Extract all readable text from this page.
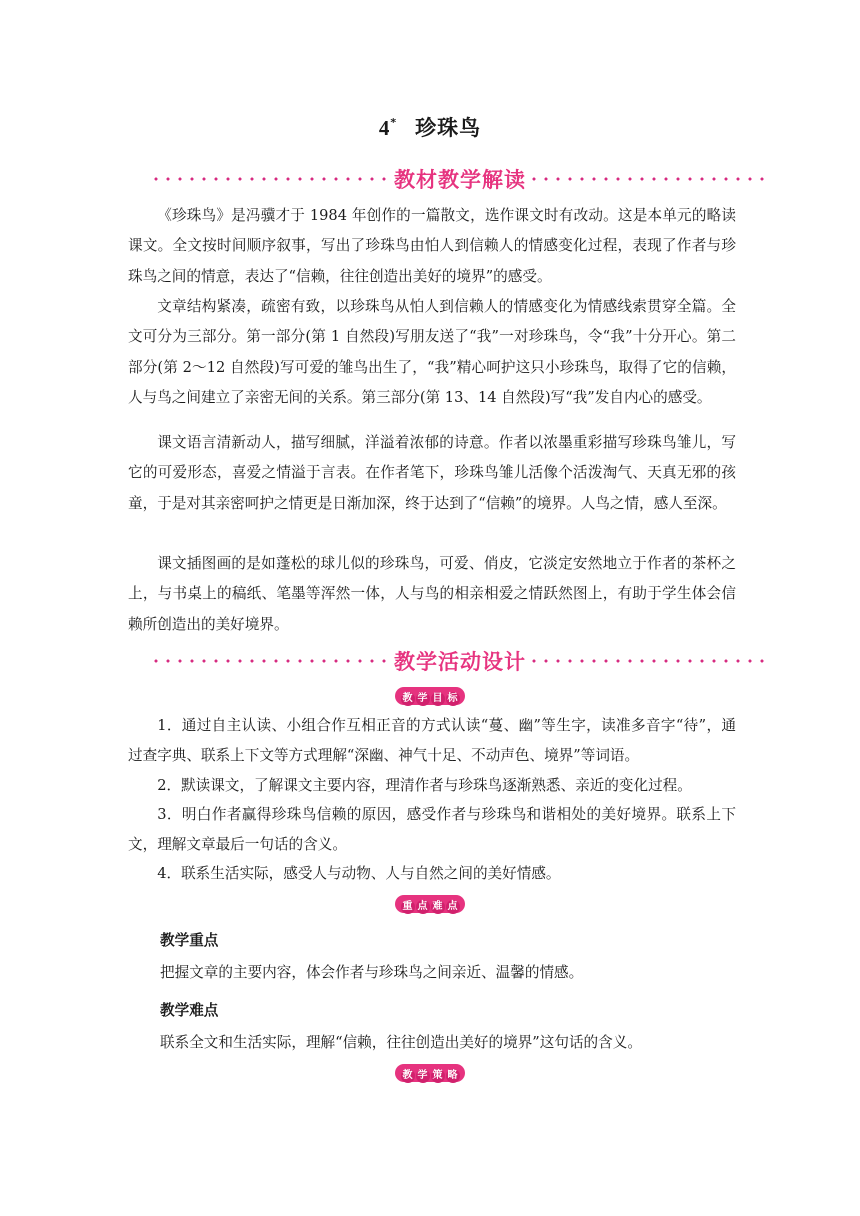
4* 珍珠鸟
教材教学解读

《珍珠鸟》是冯骥才于 1984 年创作的一篇散文，选作课文时有改动。这是本单元的略读课文。全文按时间顺序叙事，写出了珍珠鸟由怕人到信赖人的情感变化过程，表现了作者与珍珠鸟之间的情意，表达了“信赖，往往创造出美好的境界”的感受。

文章结构紧凑，疏密有致，以珍珠鸟从怕人到信赖人的情感变化为情感线索贯穿全篇。全文可分为三部分。第一部分(第 1 自然段)写朋友送了“我”一对珍珠鸟，令“我”十分开心。第二部分(第 2～12 自然段)写可爱的雏鸟出生了，“我”精心呵护这只小珍珠鸟，取得了它的信赖，人与鸟之间建立了亲密无间的关系。第三部分(第 13、14 自然段)写“我”发自内心的感受。

课文语言清新动人，描写细腻，洋溢着浓郁的诗意。作者以浓墨重彩描写珍珠鸟雏儿，写它的可爱形态，喜爱之情溢于言表。在作者笔下，珍珠鸟雏儿活像个活泼淘气、天真无邪的孩童，于是对其亲密呵护之情更是日渐加深，终于达到了“信赖”的境界。人鸟之情，感人至深。

课文插图画的是如蓬松的球儿似的珍珠鸟，可爱、俏皮，它淡定安然地立于作者的茶杯之上，与书桌上的稿纸、笔墨等浑然一体，人与鸟的相亲相爱之情跃然图上，有助于学生体会信赖所创造出的美好境界。

教学活动设计
教 学 目 标

1．通过自主认读、小组合作互相正音的方式认读“蔓、幽”等生字，读准多音字“待”，通过查字典、联系上下文等方式理解“深幽、神气十足、不动声色、境界”等词语。

2．默读课文，了解课文主要内容，理清作者与珍珠鸟逐渐熟悉、亲近的变化过程。

3．明白作者赢得珍珠鸟信赖的原因，感受作者与珍珠鸟和谐相处的美好境界。联系上下文，理解文章最后一句话的含义。

4．联系生活实际，感受人与动物、人与自然之间的美好情感。

重 点 难 点
教学重点

把握文章的主要内容，体会作者与珍珠鸟之间亲近、温馨的情感。

教学难点

联系全文和生活实际，理解“信赖，往往创造出美好的境界”这句话的含义。

教 学 策 略
